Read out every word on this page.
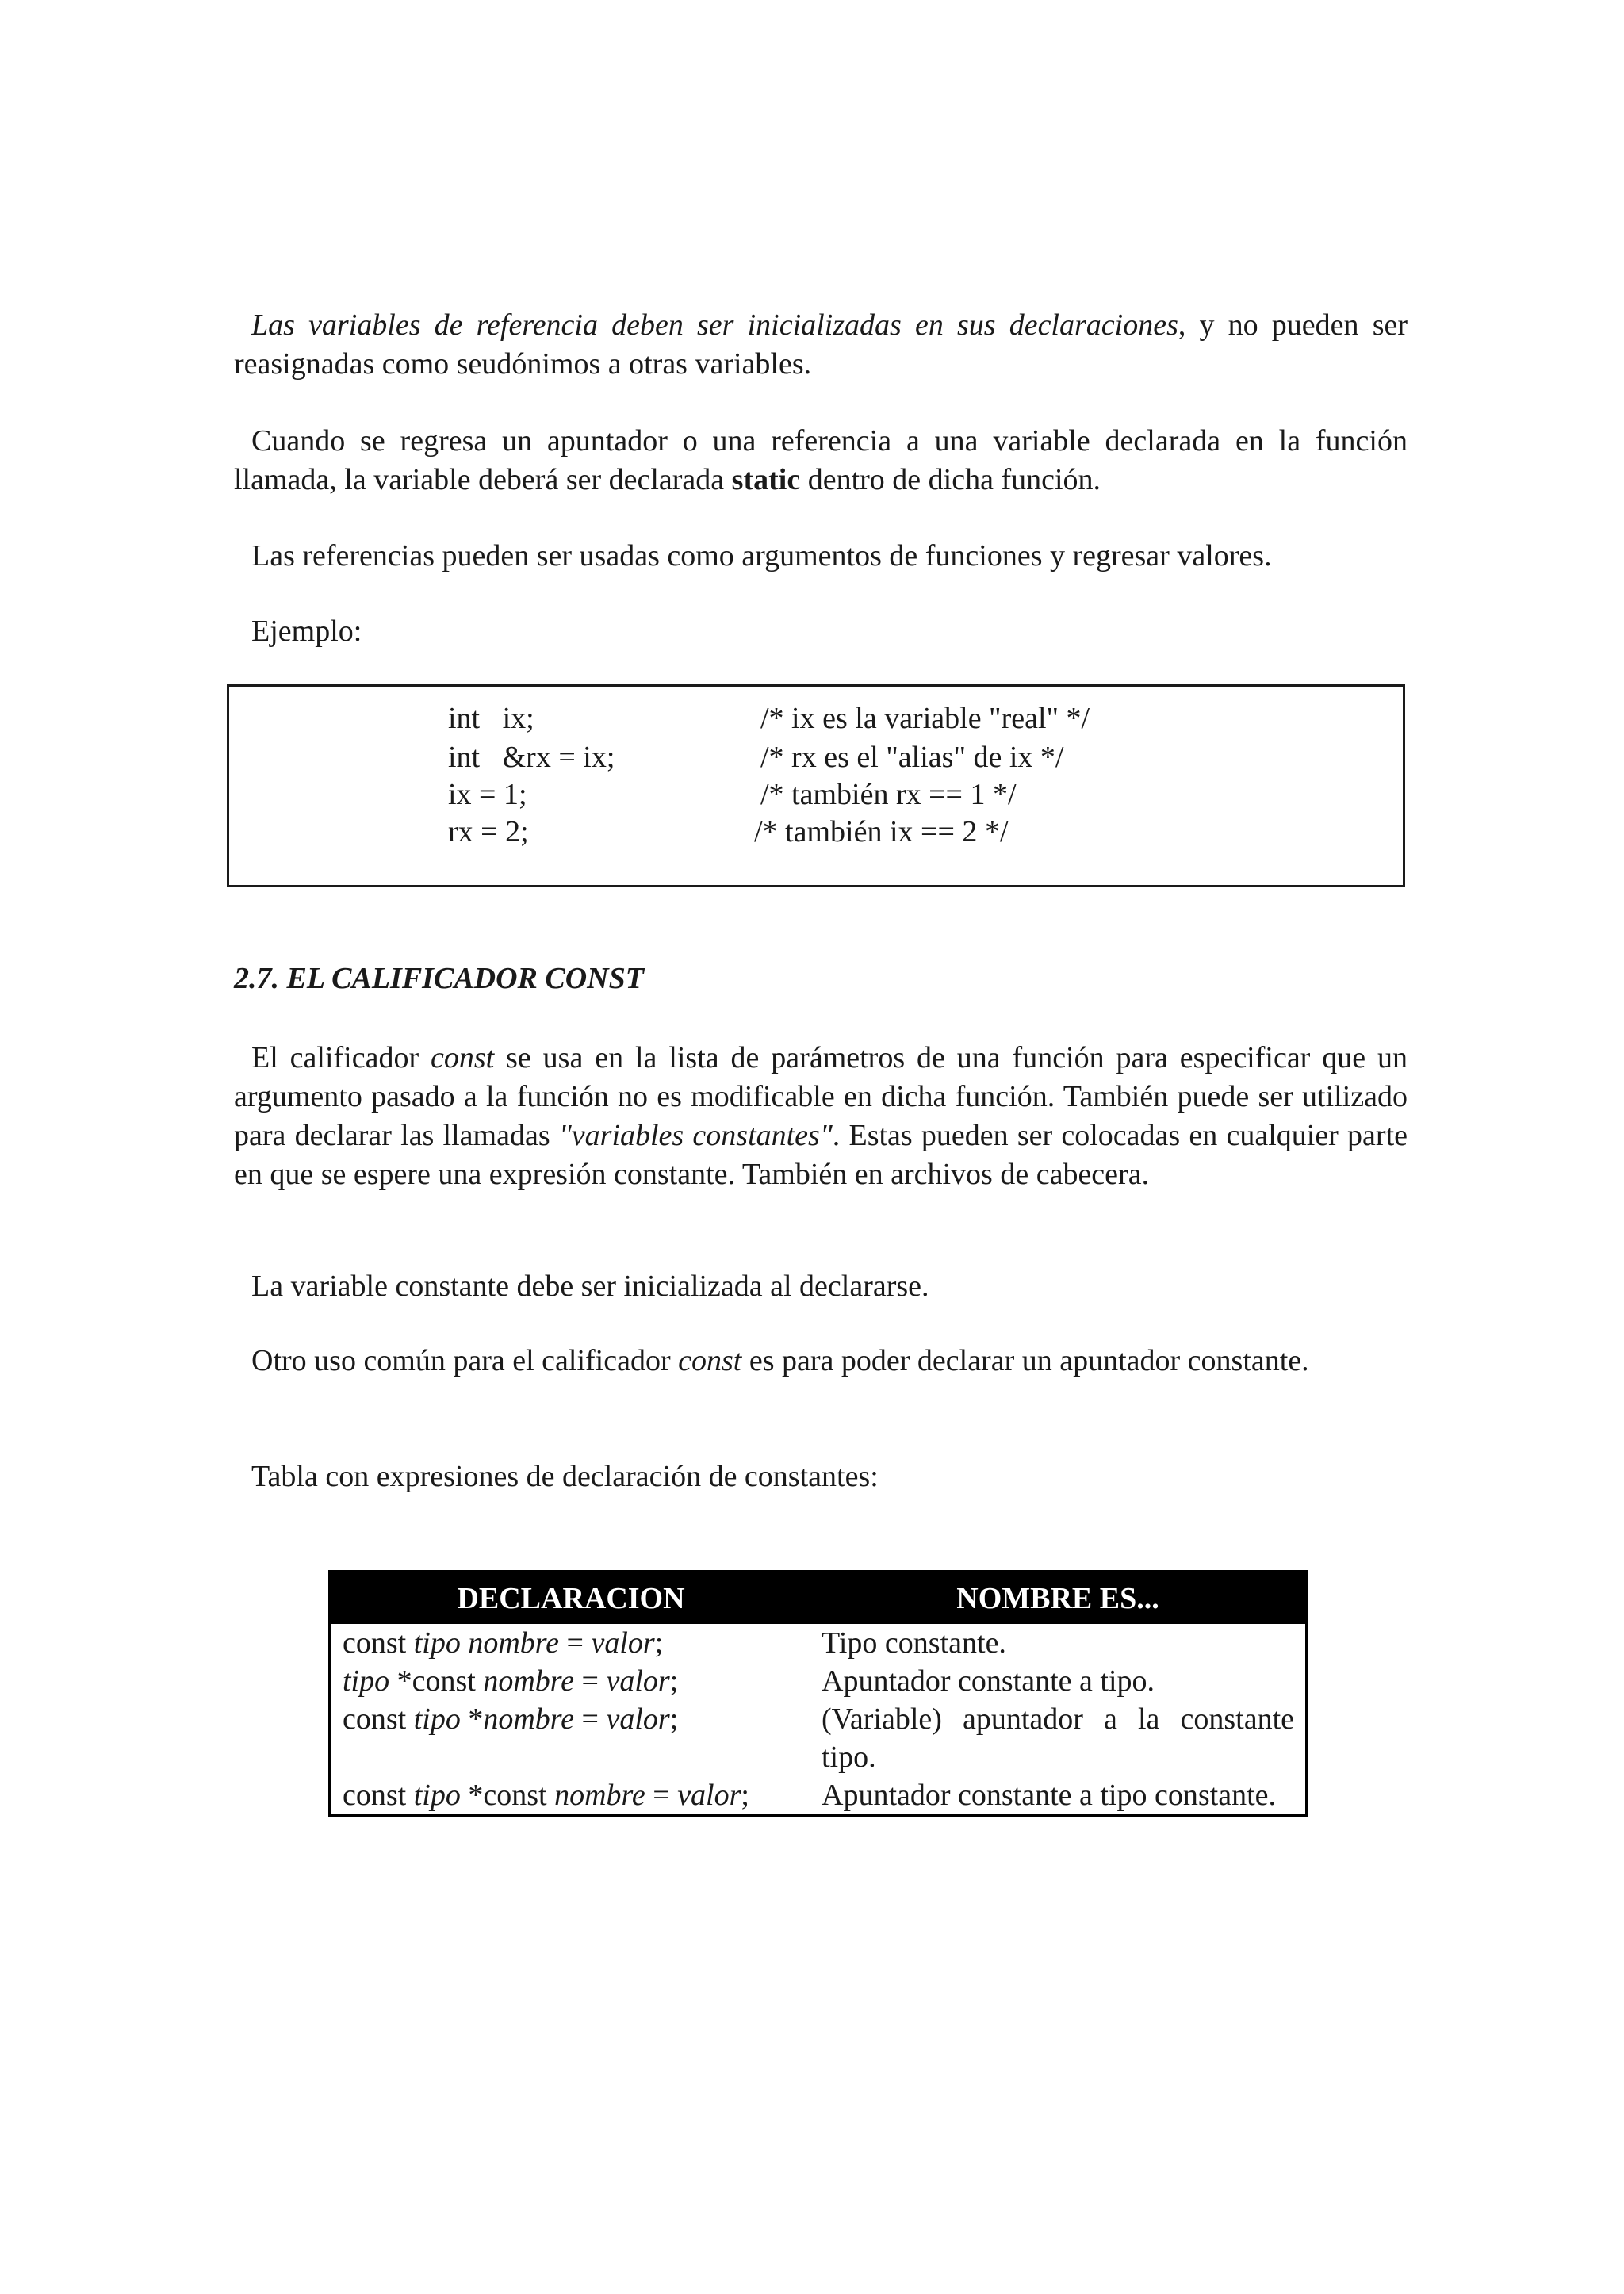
Las variables de referencia deben ser inicializadas en sus declaraciones, y no pueden ser reasignadas como seudónimos a otras variables.

Cuando se regresa un apuntador o una referencia a una variable declarada en la función llamada, la variable deberá ser declarada static dentro de dicha función.

Las referencias pueden ser usadas como argumentos de funciones y regresar valores.

Ejemplo:

int   ix;	/* ix es la variable "real" */
int   &rx = ix;	/* rx es el "alias" de ix */
ix = 1;	/* también rx == 1 */
rx = 2;	/* también ix == 2 */
2.7. EL CALIFICADOR CONST

El calificador const se usa en la lista de parámetros de una función para especificar que un argumento pasado a la función no es modificable en dicha función. También puede ser utilizado para declarar las llamadas "variables constantes". Estas pueden ser colocadas en cualquier parte en que se espere una expresión constante. También en archivos de cabecera.

La variable constante debe ser inicializada al declararse.

Otro uso común para el calificador const es para poder declarar un apuntador constante.

Tabla con expresiones de declaración de constantes:

DECLARACION	NOMBRE ES...
const tipo nombre = valor;	Tipo constante.
tipo *const nombre = valor;	Apuntador constante a tipo.
const tipo *nombre = valor;	(Variable) apuntador a la constante tipo.
const tipo *const nombre = valor;	Apuntador constante a tipo constante.
